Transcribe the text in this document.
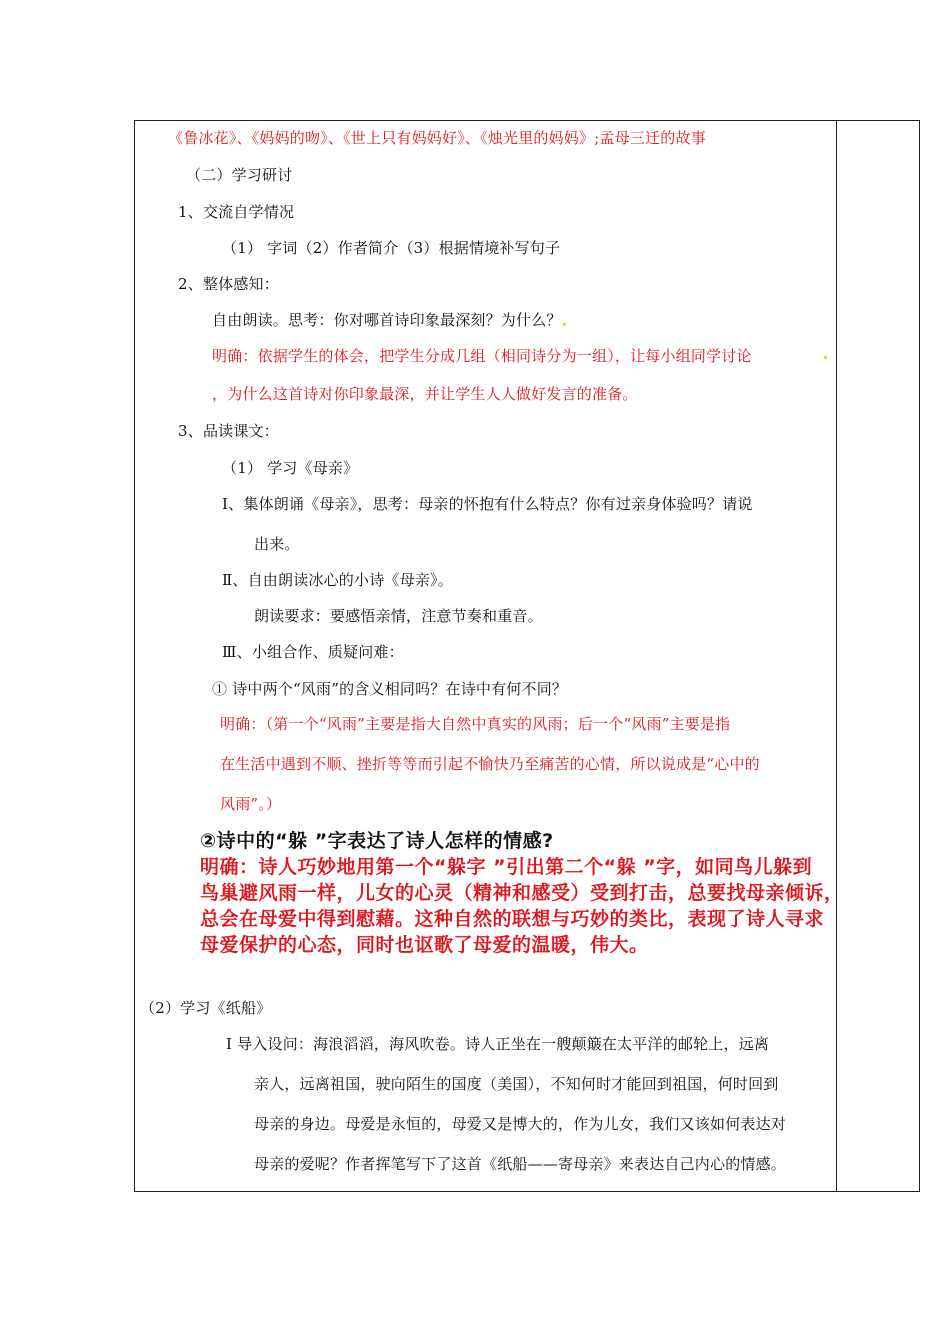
《鲁冰花》、《妈妈的吻》、《世上只有妈妈好》、《烛光里的妈妈》;孟母三迁的故事
（二）学习研讨
1、交流自学情况
（1） 字词（2）作者简介（3）根据情境补写句子
2、整体感知：
自由朗读。思考：你对哪首诗印象最深刻？为什么？
明确：依据学生的体会，把学生分成几组（相同诗分为一组），让每小组同学讨论
，为什么这首诗对你印象最深，并让学生人人做好发言的准备。
3、品读课文：
（1） 学习《母亲》
Ⅰ、集体朗诵《母亲》，思考：母亲的怀抱有什么特点？你有过亲身体验吗？请说
出来。
Ⅱ、自由朗读冰心的小诗《母亲》。
朗读要求：要感悟亲情，注意节奏和重音。
Ⅲ、小组合作、质疑问难：
① 诗中两个“风雨”的含义相同吗？在诗中有何不同？
明确：（第一个“风雨”主要是指大自然中真实的风雨；后一个“风雨”主要是指
在生活中遇到不顺、挫折等等而引起不愉快乃至痛苦的心情，所以说成是“心中的
风雨”。）
②诗中的“躲 ”字表达了诗人怎样的情感?
明确：诗人巧妙地用第一个“躲字 ”引出第二个“躲 ”字，如同鸟儿躲到
鸟巢避风雨一样，儿女的心灵（精神和感受）受到打击，总要找母亲倾诉，
总会在母爱中得到慰藉。这种自然的联想与巧妙的类比，表现了诗人寻求
母爱保护的心态，同时也讴歌了母爱的温暖，伟大。
（2）学习《纸船》
Ⅰ 导入设问：海浪滔滔，海风吹卷。诗人正坐在一艘颠簸在太平洋的邮轮上，远离
亲人，远离祖国，驶向陌生的国度（美国），不知何时才能回到祖国，何时回到
母亲的身边。母爱是永恒的，母爱又是博大的，作为儿女，我们又该如何表达对
母亲的爱呢？作者挥笔写下了这首《纸船——寄母亲》来表达自己内心的情感。
